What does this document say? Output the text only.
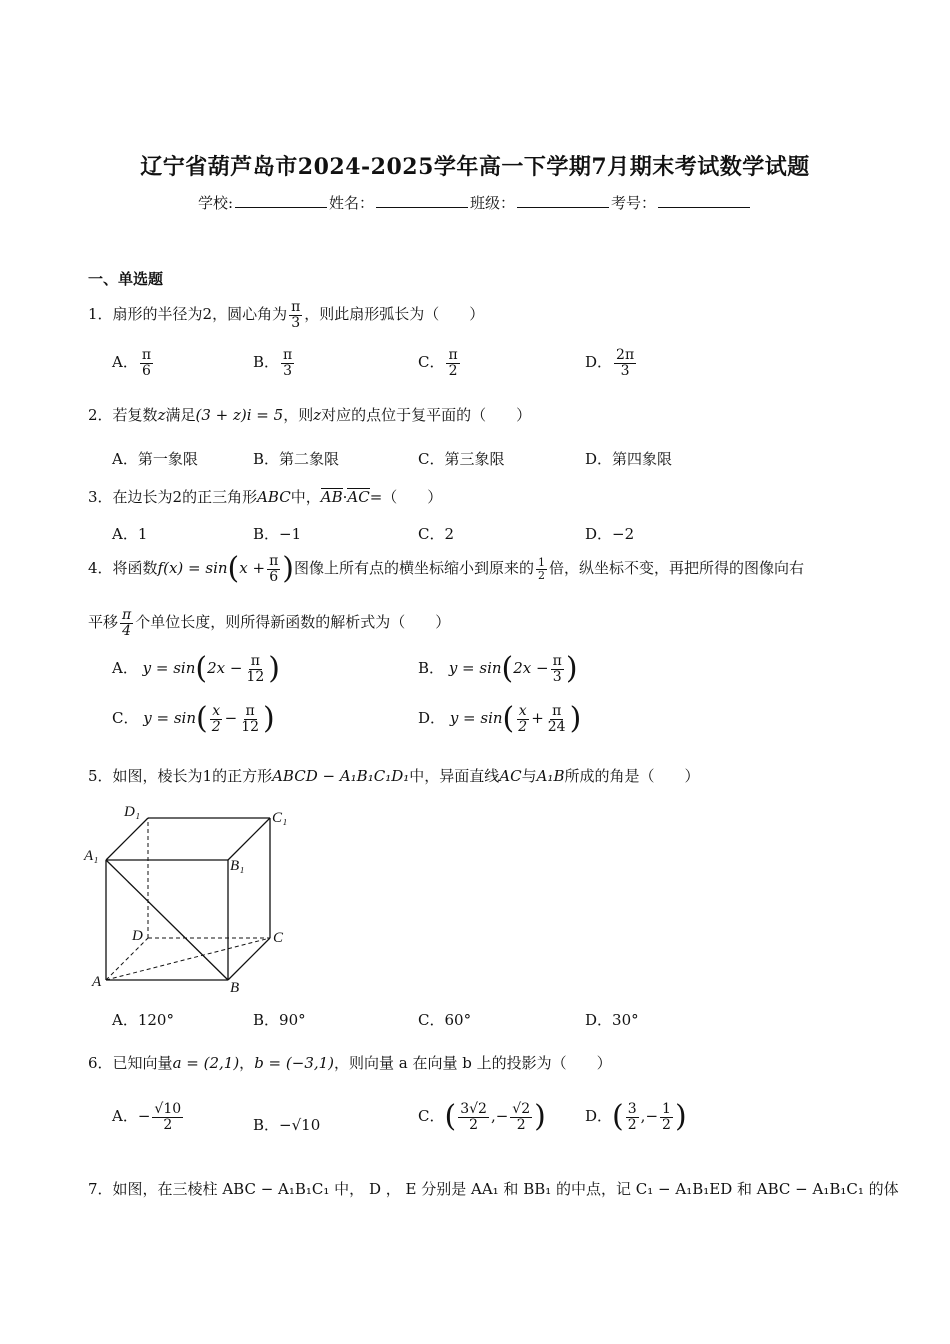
辽宁省葫芦岛市2024-2025学年高一下学期7月期末考试数学试题
学校:	姓名：	班级：	考号：
一、单选题
1．扇形的半径为2，圆心角为 $\frac{\pi}{3}$ ，则此扇形弧长为（　　）
A． $\frac{\pi}{6}$	B． $\frac{\pi}{3}$	C． $\frac{\pi}{2}$	D． $\frac{2\pi}{3}$
2．若复数z满足(3 + z)i = 5，则z对应的点位于复平面的（　　）
A．第一象限	B．第二象限	C．第三象限	D．第四象限
3．在边长为2的正三角形ABC中，AB·AC=（　　）
A．1	B．−1	C．2	D．−2
4．将函数$f(x) = \sin(x + \frac{\pi}{6}$ )图像上所有点的横坐标缩小到原来的 $\frac{1}{2}$ 倍，纵坐标不变，再把所得的图像向右
平移 $\frac{\pi}{4}$ 个单位长度，则所得新函数的解析式为（　　）
A． $y = \sin(2x - \frac{\pi}{12}$ )	B． $y = \sin(2x - \frac{\pi}{3}$ )
C． $y = \sin( \frac{x}{2} - \frac{\pi}{12}$ )	D． $y = \sin( \frac{x}{2} + \frac{\pi}{24}$ )
5．如图，棱长为1的正方形ABCD − A₁B₁C₁D₁中，异面直线AC与A₁B所成的角是（　　）
D₁	C₁
A₁
B₁
D	C
A	B
A．120°	B．90°	C．60°	D．30°
6．已知向量a = (2,1)，b = (−3,1)，则向量 a 在向量 b 上的投影为（　　）
A．− $\frac{√10}{2}$	B．−√10	C．( $\frac{3√2}{2}$ ,− $\frac{√2}{2}$ )	D．( $\frac{3}{2}$ ,− $\frac{1}{2}$ )
7．如图，在三棱柱 ABC − A₁B₁C₁ 中， D ， E 分别是 AA₁ 和 BB₁ 的中点，记 C₁ − A₁B₁ED 和 ABC − A₁B₁C₁ 的体
